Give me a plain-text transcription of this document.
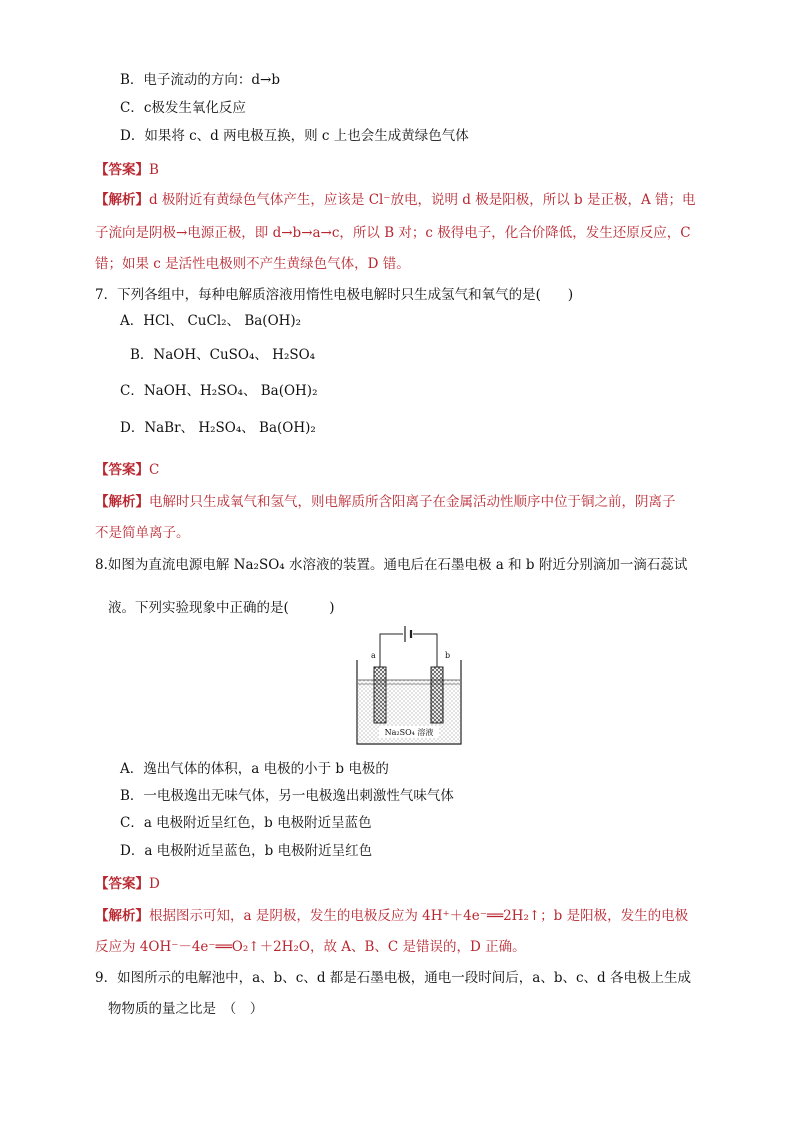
B．电子流动的方向：d→b
C．c极发生氧化反应
D．如果将 c、d 两电极互换，则 c 上也会生成黄绿色气体
【答案】B
【解析】d 极附近有黄绿色气体产生，应该是 Cl⁻放电，说明 d 极是阳极，所以 b 是正极，A 错；电
子流向是阴极→电源正极，即 d→b→a→c，所以 B 对；c 极得电子，化合价降低，发生还原反应，C
错；如果 c 是活性电极则不产生黄绿色气体，D 错。
7．下列各组中，每种电解质溶液用惰性电极电解时只生成氢气和氧气的是(　　)
A．HCl、 CuCl₂、 Ba(OH)₂
B．NaOH、CuSO₄、 H₂SO₄
C．NaOH、H₂SO₄、 Ba(OH)₂
D．NaBr、 H₂SO₄、 Ba(OH)₂
【答案】C
【解析】电解时只生成氧气和氢气，则电解质所含阳离子在金属活动性顺序中位于铜之前，阴离子
不是简单离子。
8.如图为直流电源电解 Na₂SO₄ 水溶液的装置。通电后在石墨电极 a 和 b 附近分别滴加一滴石蕊试
液。下列实验现象中正确的是(　　　)
a	b
Na₂SO₄ 溶液
A．逸出气体的体积，a 电极的小于 b 电极的
B．一电极逸出无味气体，另一电极逸出刺激性气味气体
C．a 电极附近呈红色，b 电极附近呈蓝色
D．a 电极附近呈蓝色，b 电极附近呈红色
【答案】D
【解析】根据图示可知，a 是阴极，发生的电极反应为 4H⁺＋4e⁻══2H₂↑；b 是阳极，发生的电极
反应为 4OH⁻－4e⁻══O₂↑＋2H₂O，故 A、B、C 是错误的，D 正确。
9．如图所示的电解池中，a、b、c、d 都是石墨电极，通电一段时间后，a、b、c、d 各电极上生成
物物质的量之比是　（　）
